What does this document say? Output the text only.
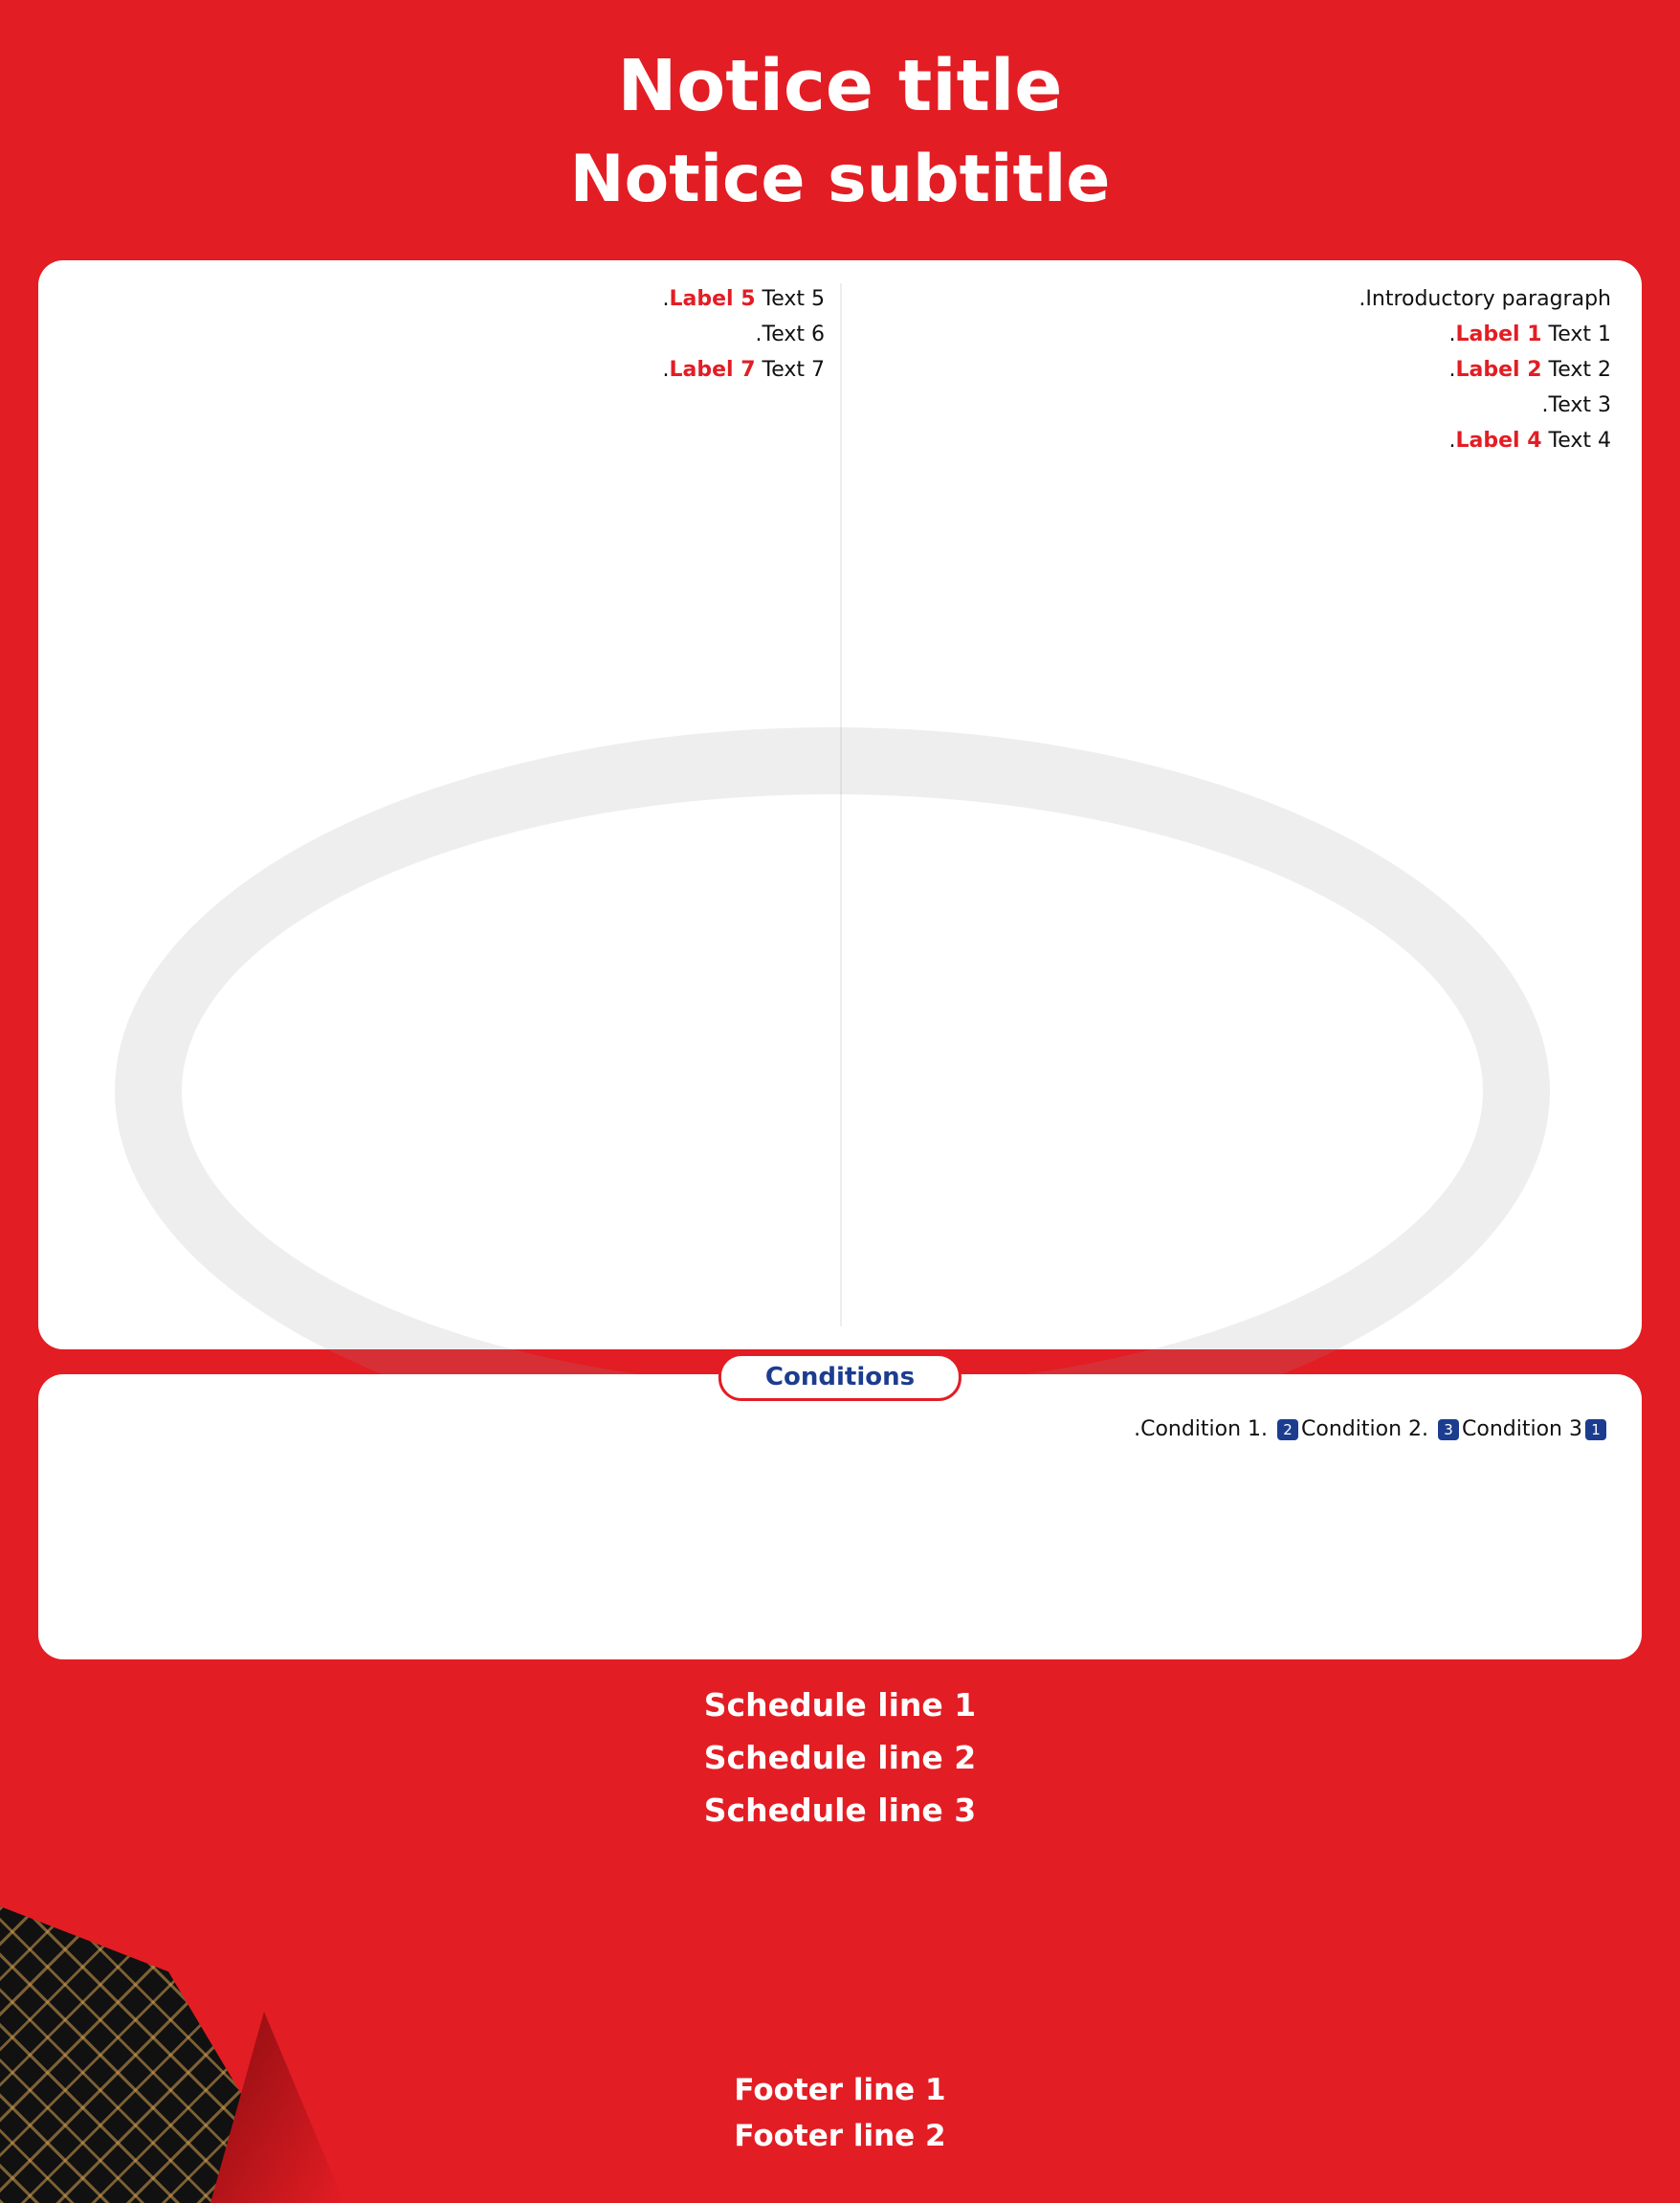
Notice title
Notice subtitle

Introductory paragraph.

Label 1 Text 1.

Label 2 Text 2.

Text 3.

Label 4 Text 4.

Label 5 Text 5.

Text 6.

Label 7 Text 7.

Conditions
1Condition 1. 2 Condition 2. 3Condition 3.
Schedule line 1
Schedule line 2
Schedule line 3
Footer line 1
Footer line 2
